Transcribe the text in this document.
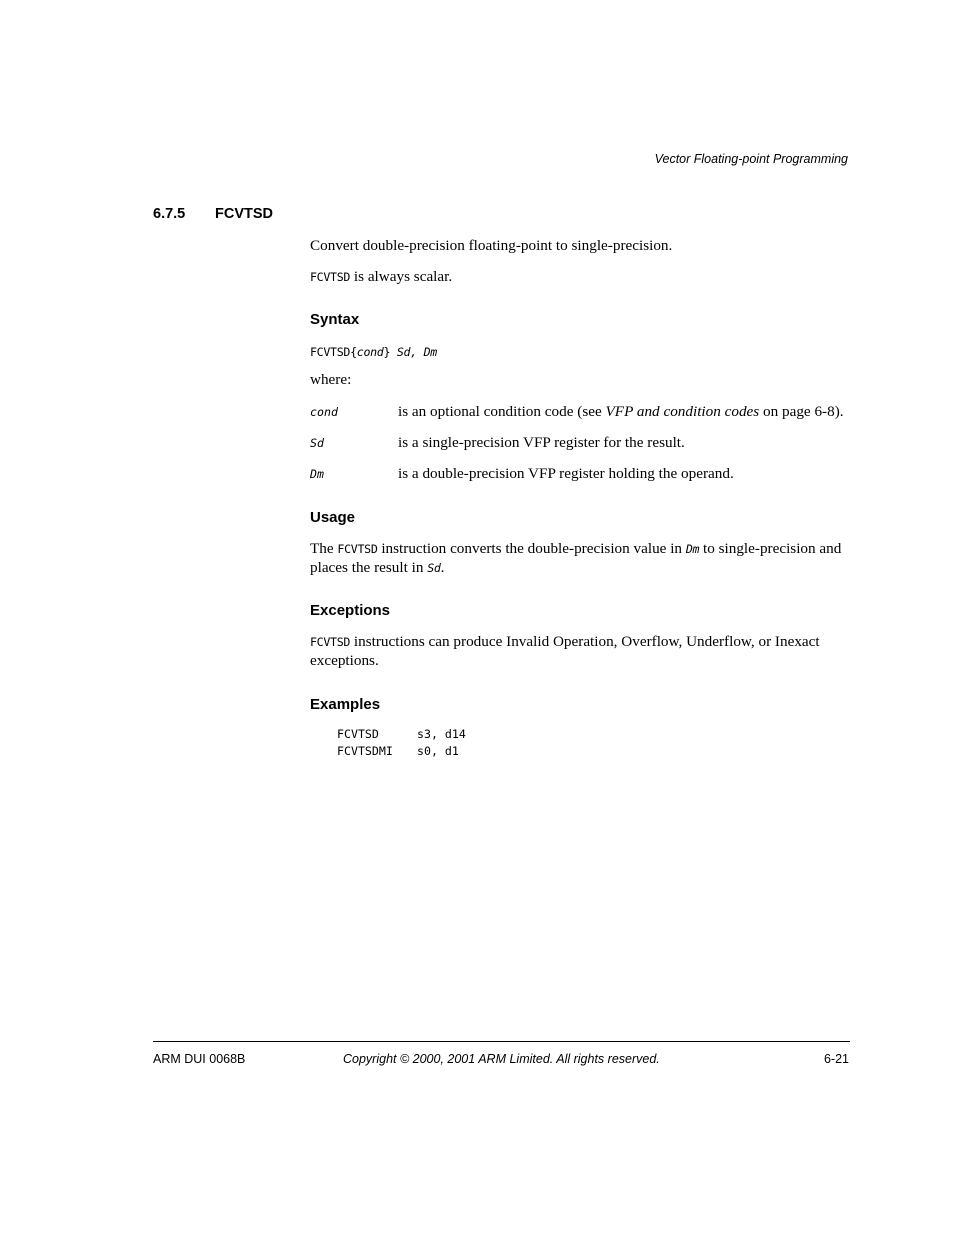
Vector Floating-point Programming
6.7.5 FCVTSD
Convert double-precision floating-point to single-precision.
FCVTSD is always scalar.
Syntax
FCVTSD{cond} Sd, Dm
where:
cond	is an optional condition code (see VFP and condition codes on page 6-8).
Sd	is a single-precision VFP register for the result.
Dm	is a double-precision VFP register holding the operand.
Usage
The FCVTSD instruction converts the double-precision value in Dm to single-precision and places the result in Sd.
Exceptions
FCVTSD instructions can produce Invalid Operation, Overflow, Underflow, or Inexact exceptions.
Examples
FCVTSD	s3, d14
FCVTSDMI s0, d1
ARM DUI 0068B	Copyright © 2000, 2001 ARM Limited. All rights reserved.	6-21
